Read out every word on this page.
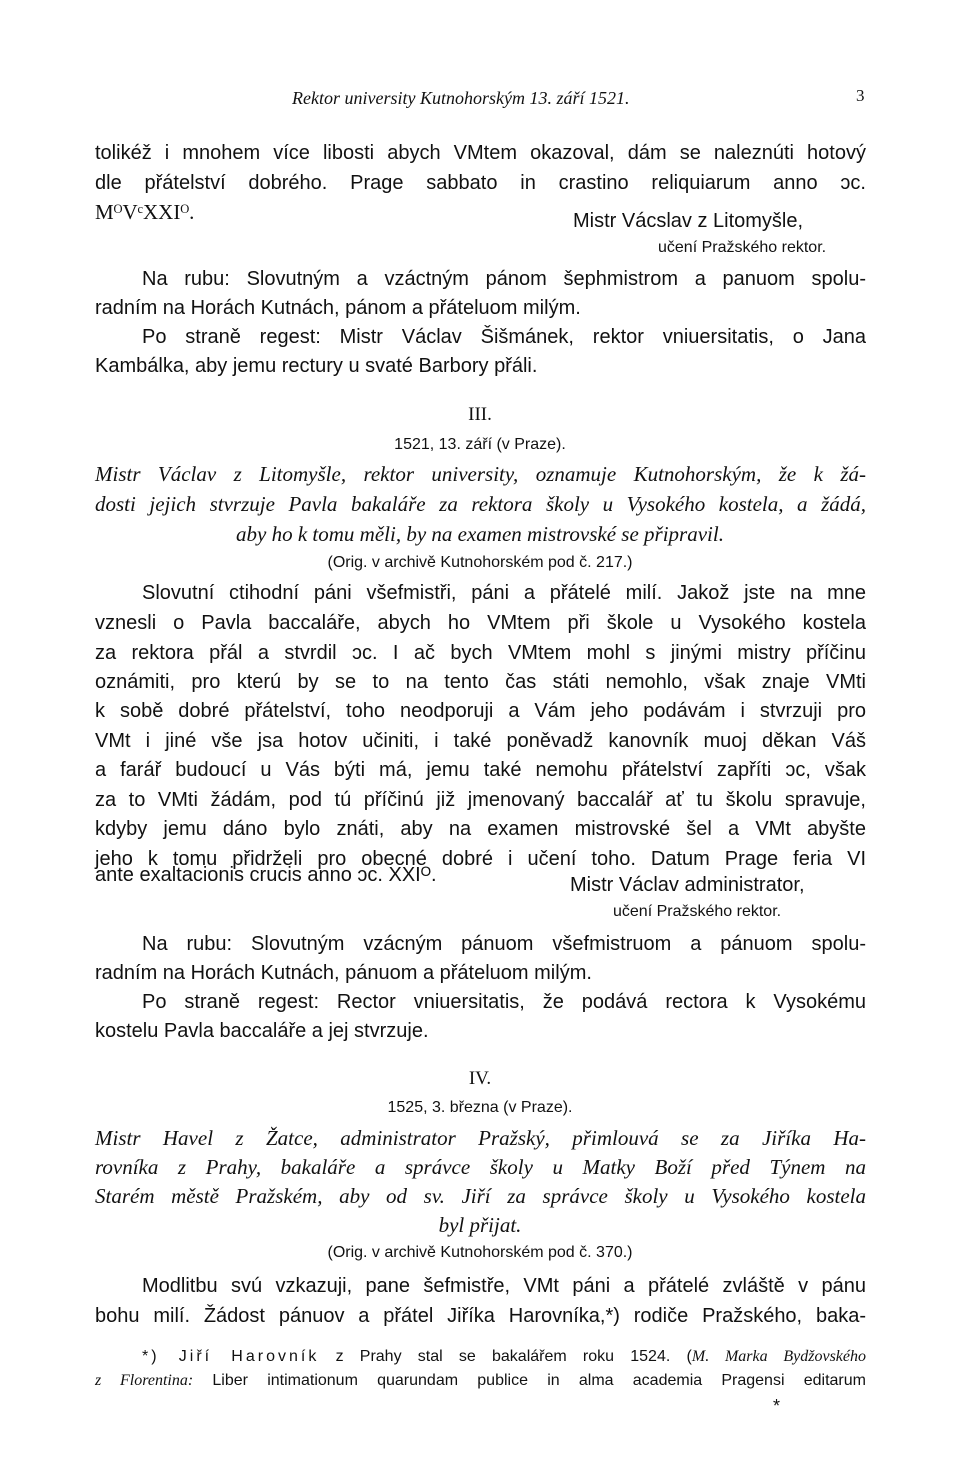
Rektor university Kutnohorským 13. září 1521.	3
tolikéž i mnohem více libosti abych VMtem okazoval, dám se naleznúti hotový
dle přátelství dobrého. Prage sabbato in crastino reliquiarum anno ɔc.
MᴼVᶜXXIᴼ.	Mistr Vácslav z Litomyšle,
učení Pražského rektor.
Na rubu: Slovutným a vzáctným pánom šephmistrom a panuom spolu-
radním na Horách Kutnách, pánom a přáteluom milým.
Po straně regest: Mistr Václav Šišmánek, rektor vniuersitatis, o Jana
Kambálka, aby jemu rectury u svaté Barbory přáli.
III.
1521, 13. září (v Praze).
Mistr Václav z Litomyšle, rektor university, oznamuje Kutnohorským, že k žá-
dosti jejich stvrzuje Pavla bakaláře za rektora školy u Vysokého kostela, a žádá,
aby ho k tomu měli, by na examen mistrovské se připravil.
(Orig. v archivě Kutnohorském pod č. 217.)
Slovutní ctihodní páni všefmistři, páni a přátelé milí. Jakož jste na mne
vznesli o Pavla baccaláře, abych ho VMtem při škole u Vysokého kostela
za rektora přál a stvrdil ɔc. I ač bych VMtem mohl s jinými mistry příčinu
oznámiti, pro kterú by se to na tento čas státi nemohlo, však znaje VMti
k sobě dobré přátelství, toho neodporuji a Vám jeho podávám i stvrzuji pro
VMt i jiné vše jsa hotov učiniti, i také poněvadž kanovník muoj děkan Váš
a farář budoucí u Vás býti má, jemu také nemohu přátelství zapříti ɔc, však
za to VMti žádám, pod tú příčinú již jmenovaný baccalář ať tu školu spravuje,
kdyby jemu dáno bylo znáti, aby na examen mistrovské šel a VMt abyšte
jeho k tomu přidrželi pro obecné dobré i učení toho. Datum Prage feria VI
ante exaltacionis crucis anno ɔc. XXIᴼ.	Mistr Václav administrator,
učení Pražského rektor.
Na rubu: Slovutným vzácným pánuom všefmistruom a pánuom spolu-
radním na Horách Kutnách, pánuom a přáteluom milým.
Po straně regest: Rector vniuersitatis, že podává rectora k Vysokému
kostelu Pavla baccaláře a jej stvrzuje.
IV.
1525, 3. března (v Praze).
Mistr Havel z Žatce, administrator Pražský, přimlouvá se za Jiříka Ha-
rovníka z Prahy, bakaláře a správce školy u Matky Boží před Týnem na
Starém městě Pražském, aby od sv. Jiří za správce školy u Vysokého kostela
byl přijat.
(Orig. v archivě Kutnohorském pod č. 370.)
Modlitbu svú vzkazuji, pane šefmistře, VMt páni a přátelé zvláště v pánu
bohu milí. Žádost pánuov a přátel Jiříka Harovníka,*) rodiče Pražského, baka-
*) Jiří Harovník z Prahy stal se bakalářem roku 1524. (M. Marka Bydžovského
z Florentina: Liber intimationum quarundam publice in alma academia Pragensi editarum
*
